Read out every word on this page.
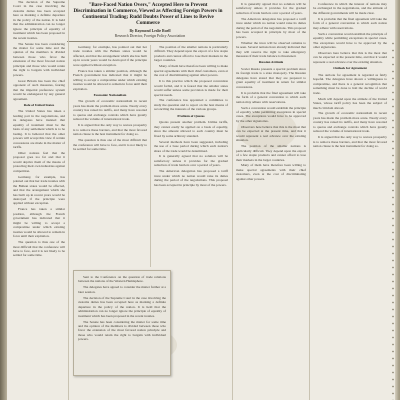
"Bare-Faced Nation Overs," Accepted Here to Prevent Discrimination in Commerce, Viewed as Affecting Foreign Powers in Continental Trading; Rudd Doubts Power of Lines to Revive Commerce
By Raymond Leslie Buell
Research Director, Foreign Policy Association

The decision of the Supreme Court in the case involving the customs duties has been accepted here as marking a definite departure in the policy of the nation. It is held that the administration can no longer ignore the principle of equality of treatment which has been proposed in the recent treaties.

The Senate has been considering the matter for some time and the opinion of the members is divided between those who favor the extension of the most favored nation principle and those who would retain the right to bargain with individual powers.

Great Britain has been the chief opponent of such measures, fearing that the imperial preference system would be endangered by any general agreement.

Role of United States

The United States has taken a leading part in the negotiations, and its delegates have insisted that equality of treatment must be the basis of any settlement which is to be lasting. It is believed that the other powers will accept this view if certain concessions are made in the matter of tariffs.

Other nations feel that the proposal goes too far and that it would deprive them of the means of protecting their own industries against competition.

Germany, for example, has pointed out that her trade treaties with the Balkan states would be affected, and that the arrangement which she has built up in recent years would be destroyed if the principle were applied without exception.

France has taken a similar position, although the French government has indicated that it might be willing to accept a compromise under which existing treaties would be allowed to remain in force until their expiration.

The question is thus one of the most difficult that the conference will have to face, and it is not likely to be settled for some time.

Germany, for example, has pointed out that her trade treaties with the Balkan states would be affected, and that the arrangement which she has built up in recent years would be destroyed if the principle were applied without exception.

France has taken a similar position, although the French government has indicated that it might be willing to accept a compromise under which existing treaties would be allowed to remain in force until their expiration.

Economic Nationalism

The growth of economic nationalism in recent years has made the problem more acute. Nearly every country has raised its tariffs, and many have resorted to quotas and exchange controls which have greatly reduced the volume of international trade.

It is argued that the only way to restore prosperity is to remove these barriers, and that the most favored nation clause is the best instrument for doing so.

The question is thus one of the most difficult that the conference will have to face, and it is not likely to be settled for some time.

The position of the smaller nations is particularly difficult. They depend upon the export of a few staple products and cannot afford to lose their markets in the larger countries.

Many of them have therefore been willing to make special agreements with their chief customers, even at the cost of discriminating against other powers.

It is this practice which the proposed convention would forbid, and it is feared that the smaller states would suffer unless some provision is made for their special needs.

The conference has appointed a committee to study the question and to report on the best means of reconciling the interests of the various groups.

Problem of Quotas

Quotas present another problem. Unlike tariffs, they cannot easily be applied on a basis of equality, since the amount allowed to each country must be fixed by some arbitrary standard.

Several methods have been suggested, including the use of a base period during which each nation's share of the trade would be determined.

It is generally agreed that no solution will be satisfactory unless it provides for the gradual reduction of trade barriers over a period of years.

The American delegation has proposed a tariff truce under which no nation would raise its duties during the period of the negotiations. This proposal has been accepted in principle by most of the powers.

It is generally agreed that no solution will be satisfactory unless it provides for the gradual reduction of trade barriers over a period of years.

The American delegation has proposed a tariff truce under which no nation would raise its duties during the period of the negotiations. This proposal has been accepted in principle by most of the powers.

Whether the truce will be observed remains to be seen. Several nations have already indicated that they will reserve the right to take emergency measures if their trade balance is threatened.

Russian Attitude

Soviet Russia presents a special problem since its foreign trade is a state monopoly. The Russian delegates have stated that they are prepared to grant equality of treatment in return for similar concessions.

It is probable that the final agreement will take the form of a general convention to which each nation may adhere with reservations.

Such a convention would establish the principle of equality while permitting exceptions in special cases. The exceptions would have to be approved by the other signatories.

Observers here believe that this is the most that can be expected at the present time, and that it would represent a real advance over the existing situation.

The position of the smaller nations is particularly difficult. They depend upon the export of a few staple products and cannot afford to lose their markets in the larger countries.

Many of them have therefore been willing to make special agreements with their chief customers, even at the cost of discriminating against other powers.

Conference in which the interest of nations may be exchanged in the negotiations, and the attitude of the different governments will be made clear.

It is probable that the final agreement will take the form of a general convention to which each nation may adhere with reservations.

Such a convention would establish the principle of equality while permitting exceptions in special cases. The exceptions would have to be approved by the other signatories.

Observers here believe that this is the most that can be expected at the present time, and that it would represent a real advance over the existing situation.

Outlook for Agreement

The outlook for agreement is regarded as fairly hopeful. The delegates have shown a willingness to compromise, and there is a general recognition that something must be done to halt the decline of world trade.

Much will depend upon the attitude of the United States, whose tariff policy has been the subject of much criticism abroad.

The growth of economic nationalism in recent years has made the problem more acute. Nearly every country has raised its tariffs, and many have resorted to quotas and exchange controls which have greatly reduced the volume of international trade.

It is argued that the only way to restore prosperity is to remove these barriers, and that the most favored nation clause is the best instrument for doing so.

Sent to the Conference on the question of trade relations between the nations of the Western Hemisphere.

The delegates have agreed to consider the matter further at a later session.

The decision of the Supreme Court in the case involving the customs duties has been accepted here as marking a definite departure in the policy of the nation. It is held that the administration can no longer ignore the principle of equality of treatment which has been proposed in the recent treaties.

The Senate has been considering the matter for some time and the opinion of the members is divided between those who favor the extension of the most favored nation principle and those who would retain the right to bargain with individual powers.
